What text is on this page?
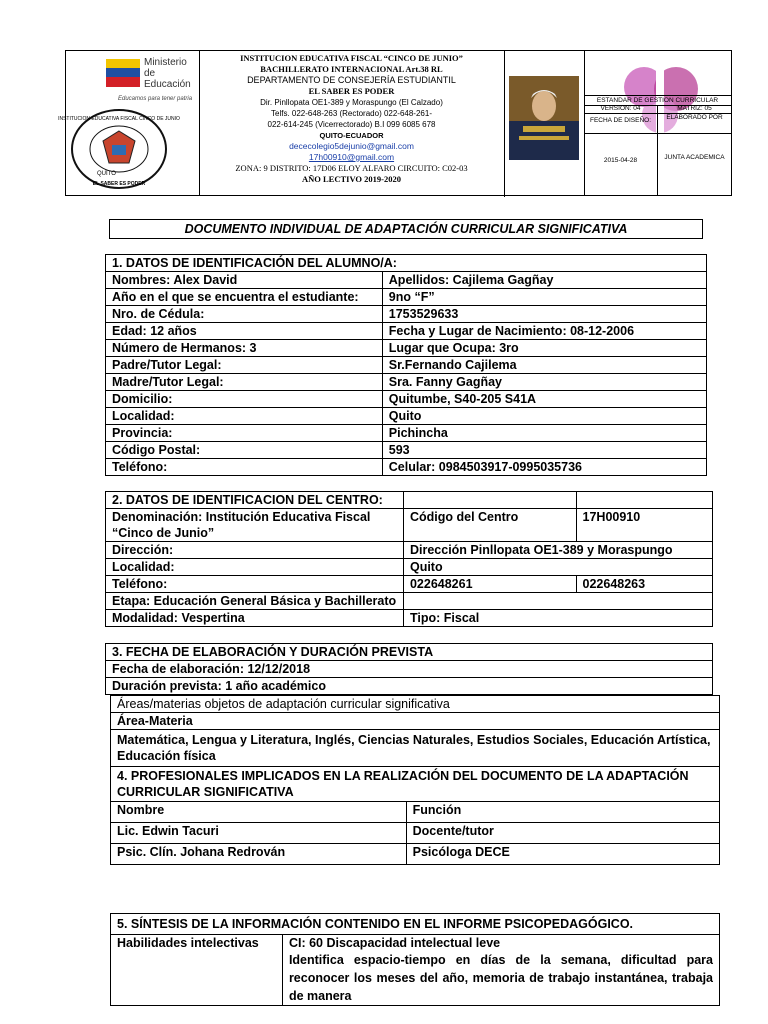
Ministerio
de Educación
Educamos para tener patria
INSTITUCION EDUCATIVA FISCAL CINCO DE JUNIO
QUITO
EL SABER ES PODER
INSTITUCION EDUCATIVA FISCAL “CINCO DE JUNIO”
BACHILLERATO INTERNACIONAL Art.38 RL
DEPARTAMENTO DE CONSEJERÍA ESTUDIANTIL
EL SABER ES PODER
Dir. Pinllopata OE1-389 y Moraspungo (El Calzado)
Telfs. 022-648-263 (Rectorado) 022-648-261-
022-614-245 (Vicerrectorado) B.I 099 6085 678
QUITO-ECUADOR
dececolegio5dejunio@gmail.com
17h00910@gmail.com
ZONA: 9 DISTRITO: 17D06 ELOY ALFARO CIRCUITO: C02-03
AÑO LECTIVO 2019-2020
ESTANDAR DE GESTION CURRICULAR
VERSION: 04	MATRIZ: 05
FECHA DE DISEÑO:	ELABORADO POR
2015-04-28	JUNTA ACADEMICA
DOCUMENTO INDIVIDUAL DE ADAPTACIÓN CURRICULAR SIGNIFICATIVA
1. DATOS DE IDENTIFICACIÓN DEL ALUMNO/A:	
Nombres: Alex David	Apellidos: Cajilema Gagñay
Año en el que se encuentra el estudiante:	9no “F”
Nro. de Cédula:	1753529633
Edad: 12 años	Fecha y Lugar de Nacimiento: 08-12-2006
Número de Hermanos: 3	Lugar que Ocupa: 3ro
Padre/Tutor Legal:	Sr.Fernando Cajilema
Madre/Tutor Legal:	Sra. Fanny Gagñay
Domicilio:	Quitumbe, S40-205 S41A
Localidad:	Quito
Provincia:	Pichincha
Código Postal:	593
Teléfono:	Celular: 0984503917-0995035736
2. DATOS DE IDENTIFICACION DEL CENTRO:		
Denominación: Institución Educativa Fiscal “Cinco de Junio”	Código del Centro	17H00910
Dirección:	Dirección Pinllopata OE1-389 y Moraspungo	
Localidad:	Quito	
Teléfono:	022648261	022648263
Etapa: Educación General Básica y Bachillerato		
Modalidad: Vespertina	Tipo: Fiscal	
3. FECHA DE ELABORACIÓN Y DURACIÓN PREVISTA
Fecha de elaboración: 12/12/2018
Duración prevista: 1 año académico
Áreas/materias objetos de adaptación curricular significativa	
Área-Materia	
Matemática, Lengua y Literatura, Inglés, Ciencias Naturales, Estudios Sociales, Educación Artística, Educación física	
4. PROFESIONALES IMPLICADOS EN LA REALIZACIÓN DEL DOCUMENTO DE LA ADAPTACIÓN CURRICULAR SIGNIFICATIVA	
Nombre	Función
Lic. Edwin Tacuri	Docente/tutor
Psic. Clín. Johana Redrován	Psicóloga DECE
5. SÍNTESIS DE LA INFORMACIÓN CONTENIDO EN EL INFORME PSICOPEDAGÓGICO.
Habilidades intelectivas	CI: 60 Discapacidad intelectual leve
Identifica espacio-tiempo en días de la semana, dificultad para reconocer los meses del año, memoria de trabajo instantánea, trabaja de manera
